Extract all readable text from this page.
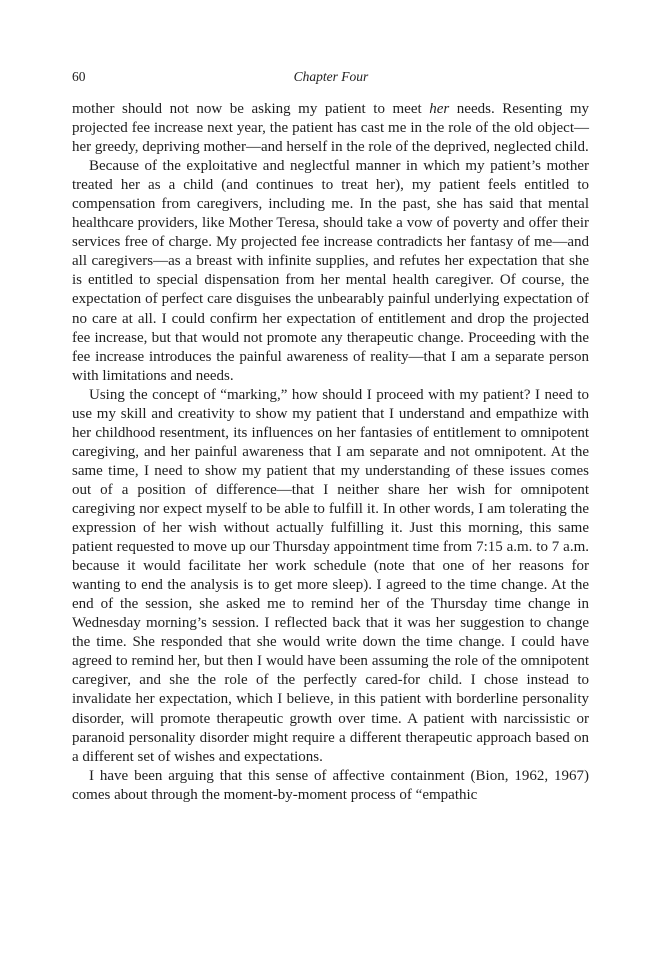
60	Chapter Four

mother should not now be asking my patient to meet her needs. Resenting my projected fee increase next year, the patient has cast me in the role of the old object—her greedy, depriving mother—and herself in the role of the deprived, neglected child.

Because of the exploitative and neglectful manner in which my patient’s mother treated her as a child (and continues to treat her), my patient feels entitled to compensation from caregivers, including me. In the past, she has said that mental healthcare providers, like Mother Teresa, should take a vow of poverty and offer their services free of charge. My projected fee increase contradicts her fantasy of me—and all caregivers—as a breast with infinite supplies, and refutes her expectation that she is entitled to special dispensation from her mental health caregiver. Of course, the expectation of perfect care disguises the unbearably painful underlying expectation of no care at all. I could confirm her expectation of entitlement and drop the projected fee increase, but that would not promote any therapeutic change. Proceeding with the fee increase introduces the painful awareness of reality—that I am a separate person with limitations and needs.

Using the concept of “marking,” how should I proceed with my patient? I need to use my skill and creativity to show my patient that I understand and empathize with her childhood resentment, its influences on her fantasies of entitlement to omnipotent caregiving, and her painful awareness that I am separate and not omnipotent. At the same time, I need to show my patient that my understanding of these issues comes out of a position of difference—that I neither share her wish for omnipotent caregiving nor expect myself to be able to fulfill it. In other words, I am tolerating the expression of her wish without actually fulfilling it. Just this morning, this same patient requested to move up our Thursday appointment time from 7:15 a.m. to 7 a.m. because it would facilitate her work schedule (note that one of her reasons for wanting to end the analysis is to get more sleep). I agreed to the time change. At the end of the session, she asked me to remind her of the Thursday time change in Wednesday morning’s session. I reflected back that it was her suggestion to change the time. She responded that she would write down the time change. I could have agreed to remind her, but then I would have been assuming the role of the omnipotent caregiver, and she the role of the perfectly cared-for child. I chose instead to invalidate her expectation, which I believe, in this patient with borderline personality disorder, will promote therapeutic growth over time. A patient with narcissistic or paranoid personality disorder might require a different therapeutic approach based on a different set of wishes and expectations.

I have been arguing that this sense of affective containment (Bion, 1962, 1967) comes about through the moment-by-moment process of “empathic
